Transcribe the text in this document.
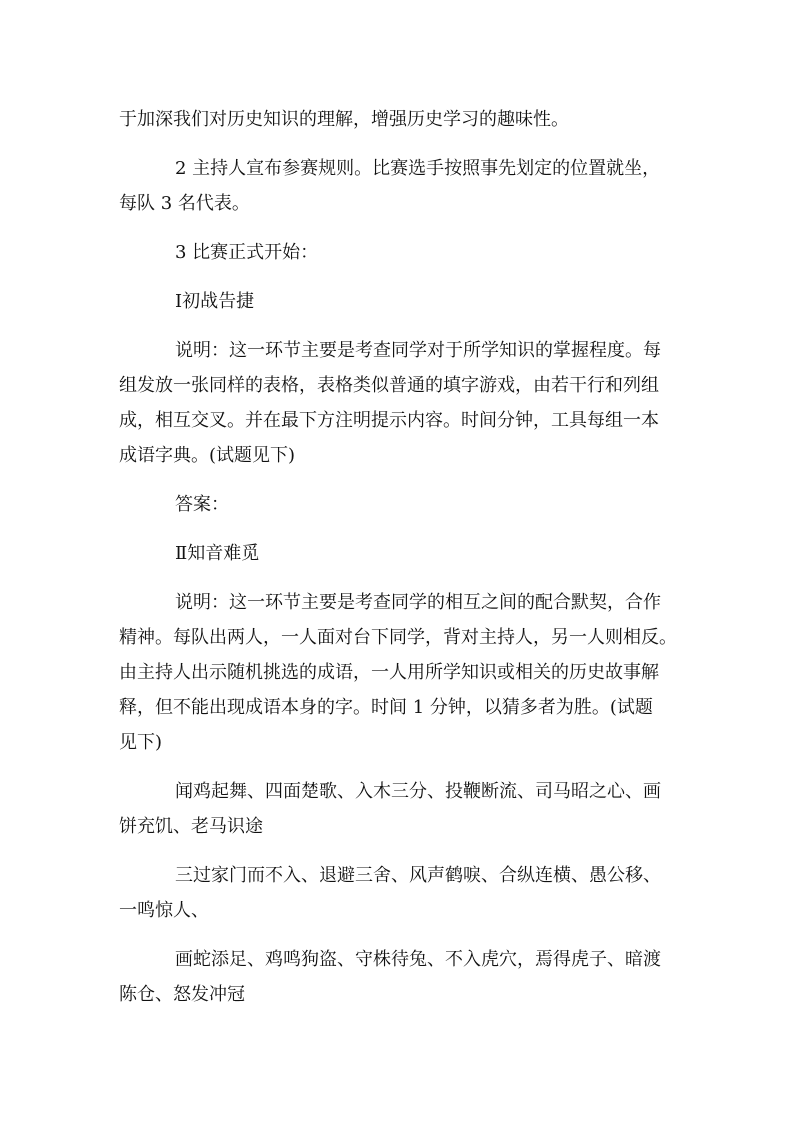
于加深我们对历史知识的理解，增强历史学习的趣味性。
2 主持人宣布参赛规则。比赛选手按照事先划定的位置就坐，
每队 3 名代表。
3 比赛正式开始：
Ⅰ初战告捷
说明：这一环节主要是考查同学对于所学知识的掌握程度。每
组发放一张同样的表格，表格类似普通的填字游戏，由若干行和列组
成，相互交叉。并在最下方注明提示内容。时间分钟，工具每组一本
成语字典。(试题见下)
答案：
Ⅱ知音难觅
说明：这一环节主要是考查同学的相互之间的配合默契，合作
精神。每队出两人，一人面对台下同学，背对主持人，另一人则相反。
由主持人出示随机挑选的成语，一人用所学知识或相关的历史故事解
释，但不能出现成语本身的字。时间 1 分钟，以猜多者为胜。(试题
见下)
闻鸡起舞、四面楚歌、入木三分、投鞭断流、司马昭之心、画
饼充饥、老马识途
三过家门而不入、退避三舍、风声鹤唳、合纵连横、愚公移、
一鸣惊人、
画蛇添足、鸡鸣狗盗、守株待兔、不入虎穴，焉得虎子、暗渡
陈仓、怒发冲冠
